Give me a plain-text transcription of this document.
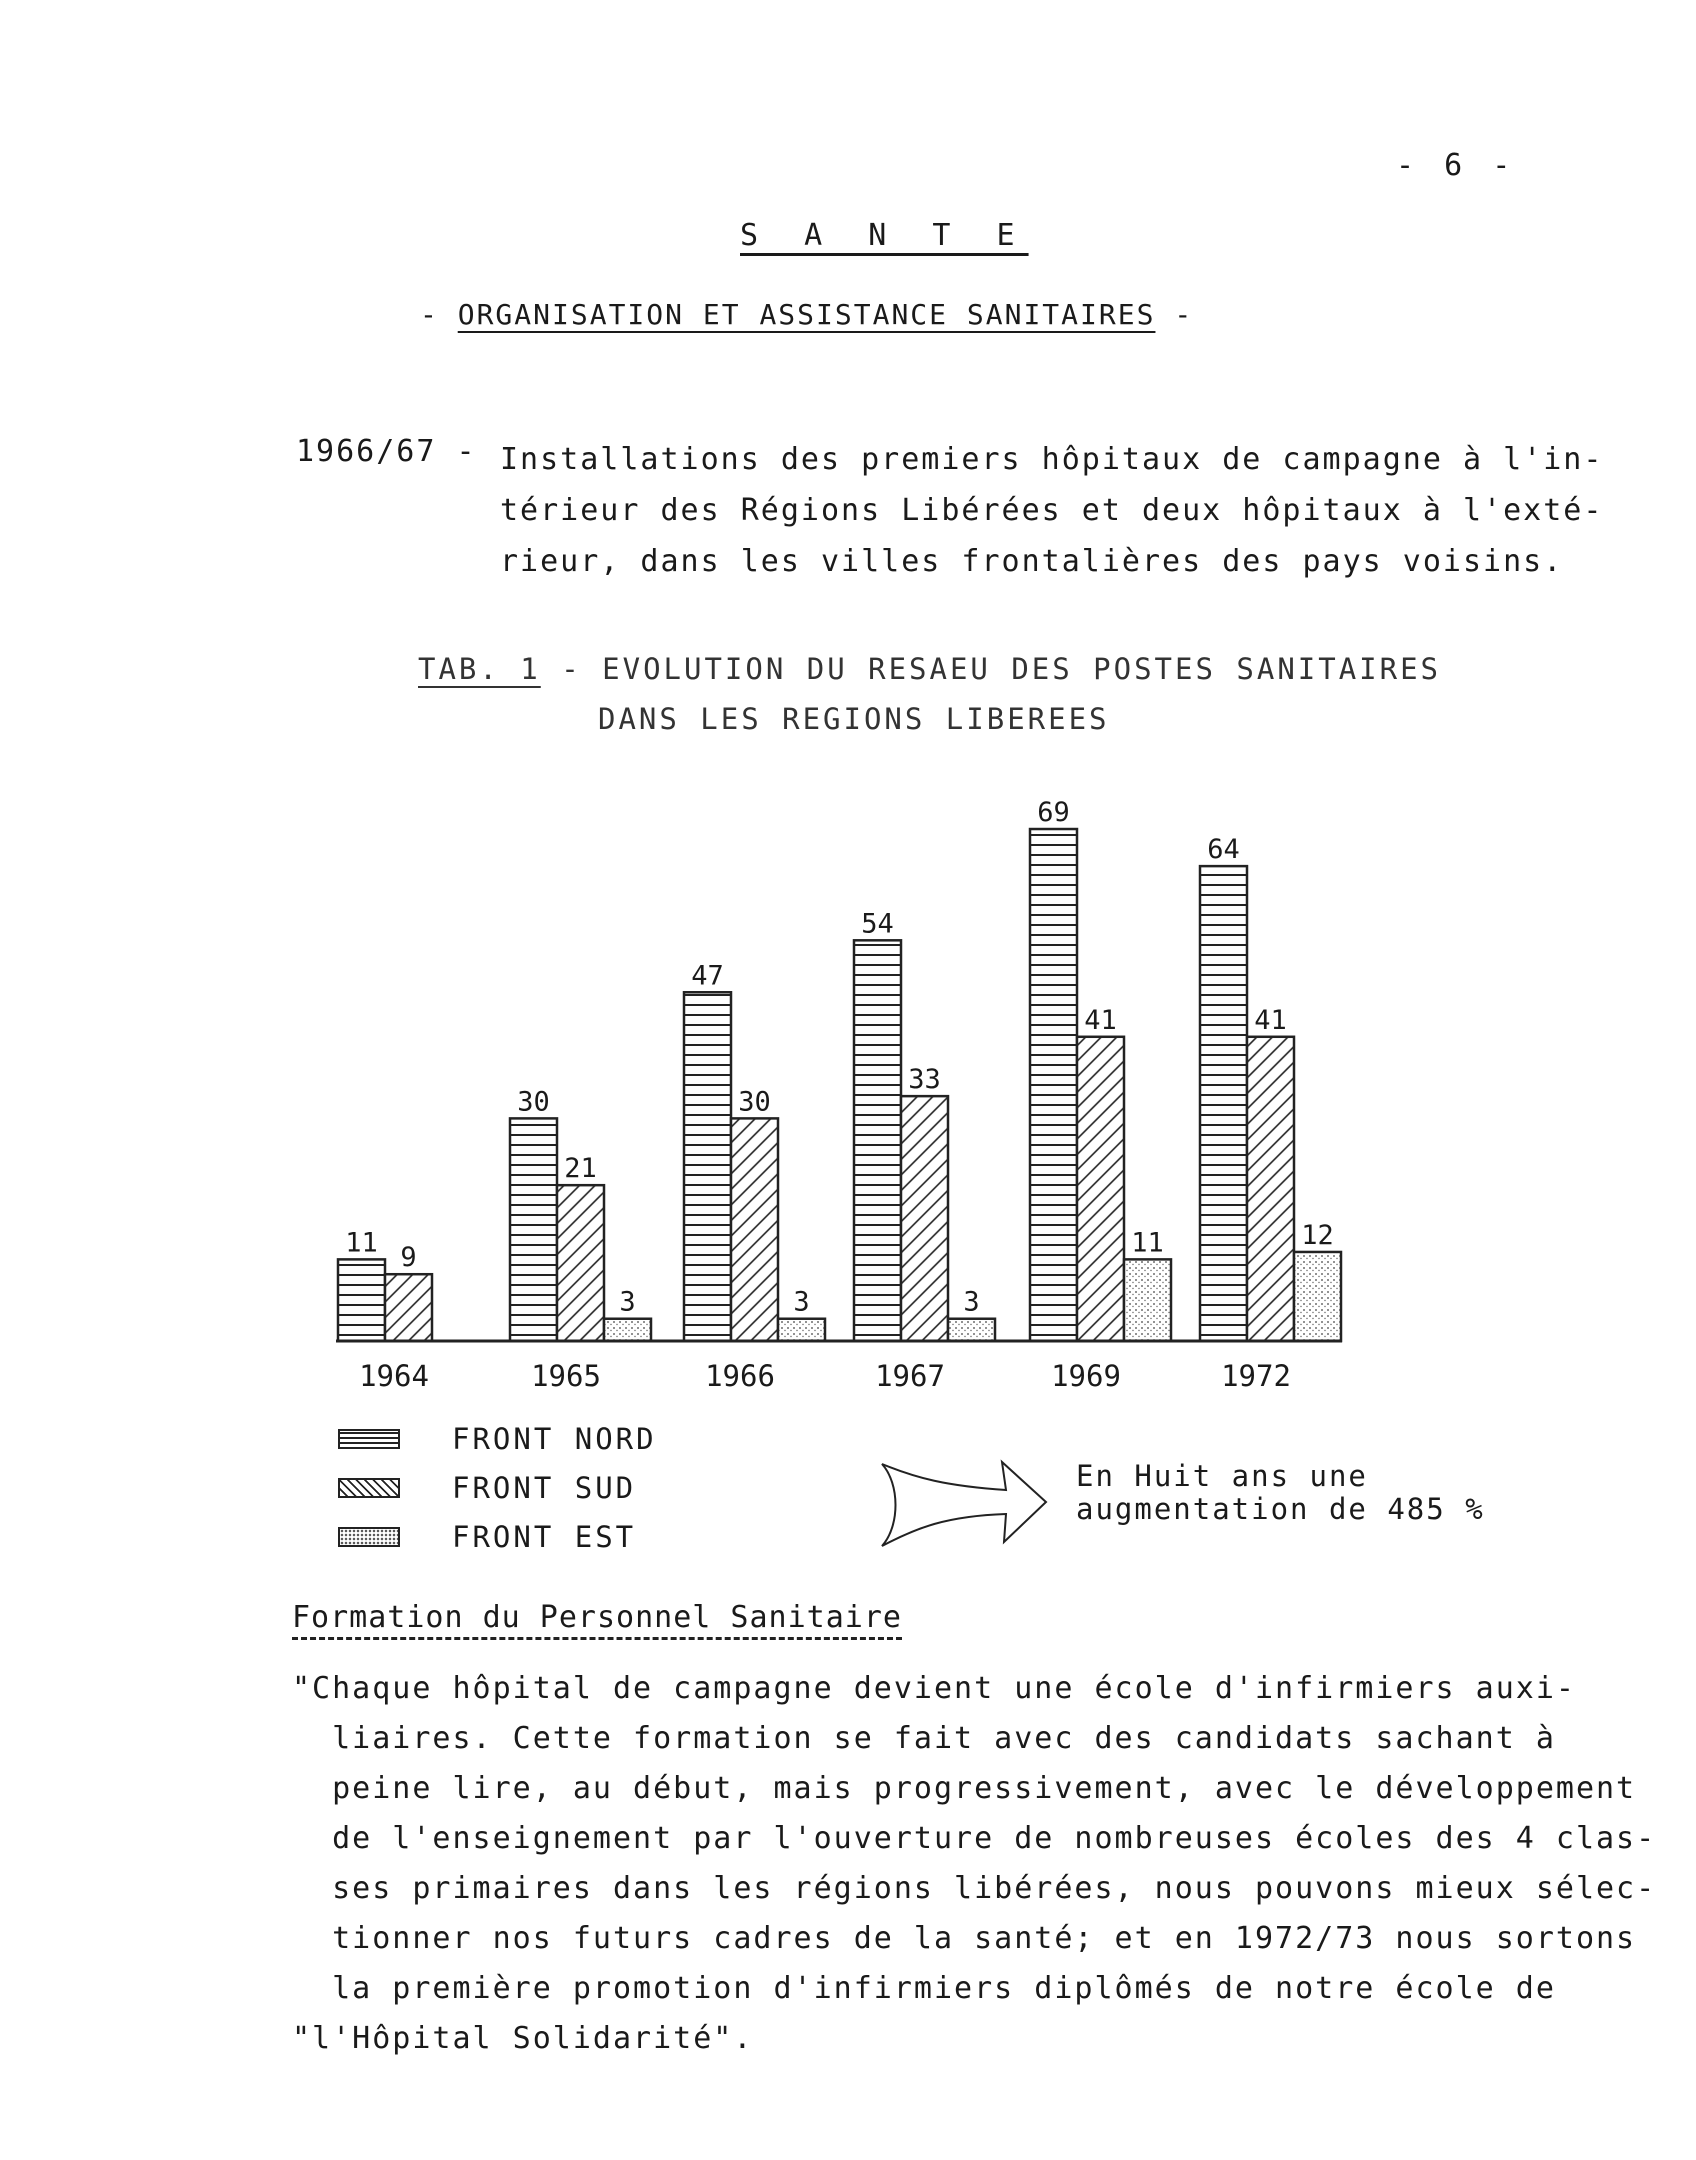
- 6 -
S A N T E
- ORGANISATION ET ASSISTANCE SANITAIRES -
1966/67 - Installations des premiers hôpitaux de campagne à l'in-
térieur des Régions Libérées et deux hôpitaux à l'exté-
rieur, dans les villes frontalières des pays voisins.
TAB. 1 - EVOLUTION DU RESAEU DES POSTES SANITAIRES
DANS LES REGIONS LIBEREES
11 9
1964
30
21
3
1965
47
30
3
1966
54
33
3
1967
69
41
11
1969
64
41
12
1972
FRONT NORD
FRONT SUD
FRONT EST
En Huit ans une
augmentation de 485 %
Formation du Personnel Sanitaire
"Chaque hôpital de campagne devient une école d'infirmiers auxi-
liaires. Cette formation se fait avec des candidats sachant à
peine lire, au début, mais progressivement, avec le développement
de l'enseignement par l'ouverture de nombreuses écoles des 4 clas-
ses primaires dans les régions libérées, nous pouvons mieux sélec-
tionner nos futurs cadres de la santé; et en 1972/73 nous sortons
la première promotion d'infirmiers diplômés de notre école de
"l'Hôpital Solidarité".
